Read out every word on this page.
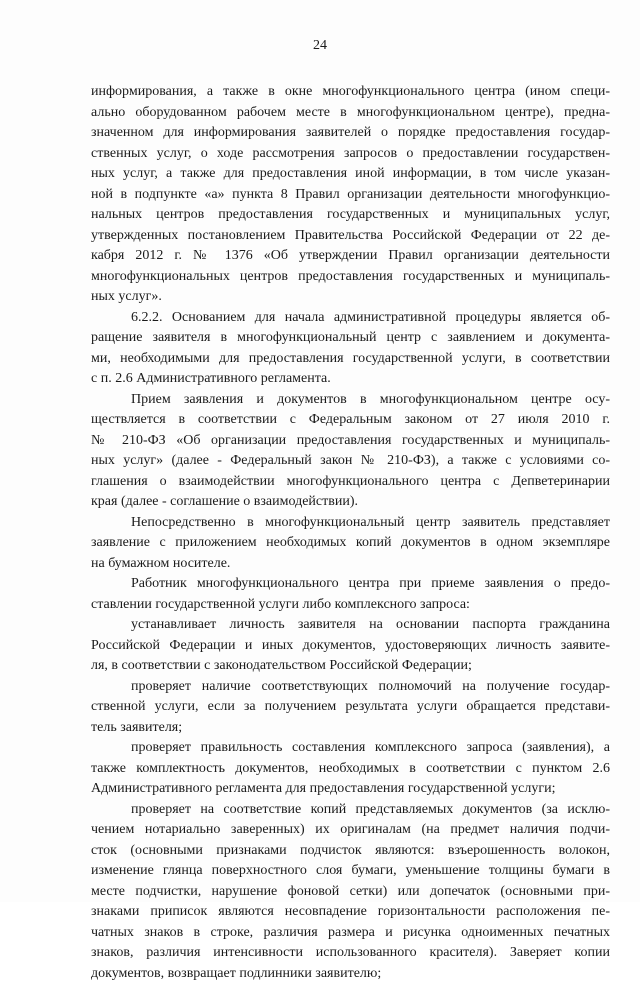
24
информирования, а также в окне многофункционального центра (ином специ-
ально оборудованном рабочем месте в многофункциональном центре), предна-
значенном для информирования заявителей о порядке предоставления государ-
ственных услуг, о ходе рассмотрения запросов о предоставлении государствен-
ных услуг, а также для предоставления иной информации, в том числе указан-
ной в подпункте «а» пункта 8 Правил организации деятельности многофункцио-
нальных центров предоставления государственных и муниципальных услуг,
утвержденных постановлением Правительства Российской Федерации от 22 де-
кабря 2012 г. № 1376 «Об утверждении Правил организации деятельности
многофункциональных центров предоставления государственных и муниципаль-
ных услуг».
6.2.2. Основанием для начала административной процедуры является об-
ращение заявителя в многофункциональный центр с заявлением и документа-
ми, необходимыми для предоставления государственной услуги, в соответствии
с п. 2.6 Административного регламента.
Прием заявления и документов в многофункциональном центре осу-
ществляется в соответствии с Федеральным законом от 27 июля 2010 г.
№ 210-ФЗ «Об организации предоставления государственных и муниципаль-
ных услуг» (далее - Федеральный закон № 210-ФЗ), а также с условиями со-
глашения о взаимодействии многофункционального центра с Депветеринарии
края (далее - соглашение о взаимодействии).
Непосредственно в многофункциональный центр заявитель представляет
заявление с приложением необходимых копий документов в одном экземпляре
на бумажном носителе.
Работник многофункционального центра при приеме заявления о предо-
ставлении государственной услуги либо комплексного запроса:
устанавливает личность заявителя на основании паспорта гражданина
Российской Федерации и иных документов, удостоверяющих личность заявите-
ля, в соответствии с законодательством Российской Федерации;
проверяет наличие соответствующих полномочий на получение государ-
ственной услуги, если за получением результата услуги обращается представи-
тель заявителя;
проверяет правильность составления комплексного запроса (заявления), а
также комплектность документов, необходимых в соответствии с пунктом 2.6
Административного регламента для предоставления государственной услуги;
проверяет на соответствие копий представляемых документов (за исклю-
чением нотариально заверенных) их оригиналам (на предмет наличия подчи-
сток (основными признаками подчисток являются: взъерошенность волокон,
изменение глянца поверхностного слоя бумаги, уменьшение толщины бумаги в
месте подчистки, нарушение фоновой сетки) или допечаток (основными при-
знаками приписок являются несовпадение горизонтальности расположения пе-
чатных знаков в строке, различия размера и рисунка одноименных печатных
знаков, различия интенсивности использованного красителя). Заверяет копии
документов, возвращает подлинники заявителю;
